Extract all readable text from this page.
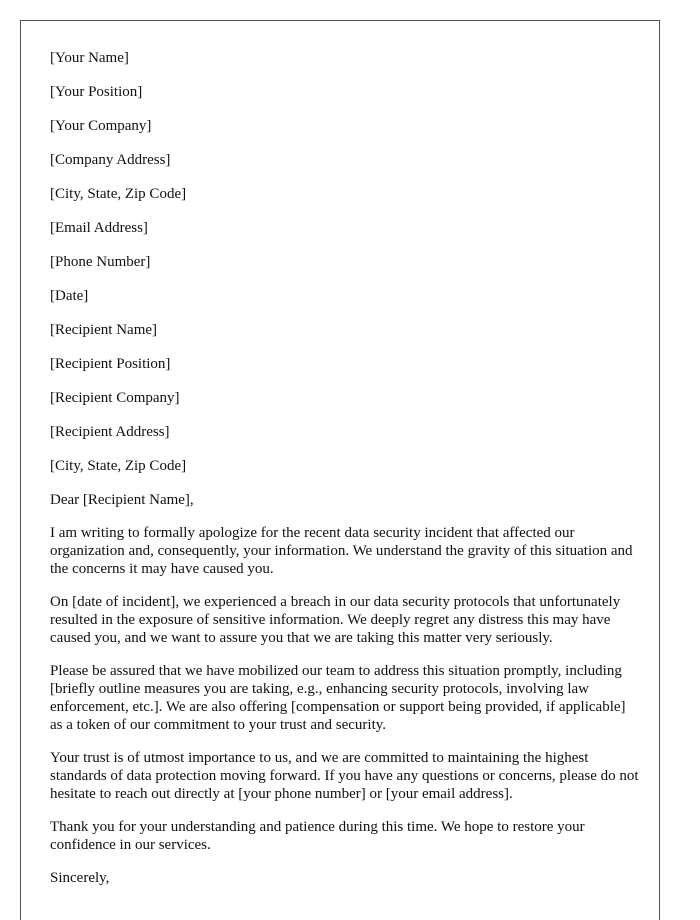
[Your Name]

[Your Position]

[Your Company]

[Company Address]

[City, State, Zip Code]

[Email Address]

[Phone Number]

[Date]

[Recipient Name]

[Recipient Position]

[Recipient Company]

[Recipient Address]

[City, State, Zip Code]

Dear [Recipient Name],

I am writing to formally apologize for the recent data security incident that affected our organization and, consequently, your information. We understand the gravity of this situation and the concerns it may have caused you.

On [date of incident], we experienced a breach in our data security protocols that unfortunately resulted in the exposure of sensitive information. We deeply regret any distress this may have caused you, and we want to assure you that we are taking this matter very seriously.

Please be assured that we have mobilized our team to address this situation promptly, including [briefly outline measures you are taking, e.g., enhancing security protocols, involving law enforcement, etc.]. We are also offering [compensation or support being provided, if applicable] as a token of our commitment to your trust and security.

Your trust is of utmost importance to us, and we are committed to maintaining the highest standards of data protection moving forward. If you have any questions or concerns, please do not hesitate to reach out directly at [your phone number] or [your email address].

Thank you for your understanding and patience during this time. We hope to restore your confidence in our services.

Sincerely,
